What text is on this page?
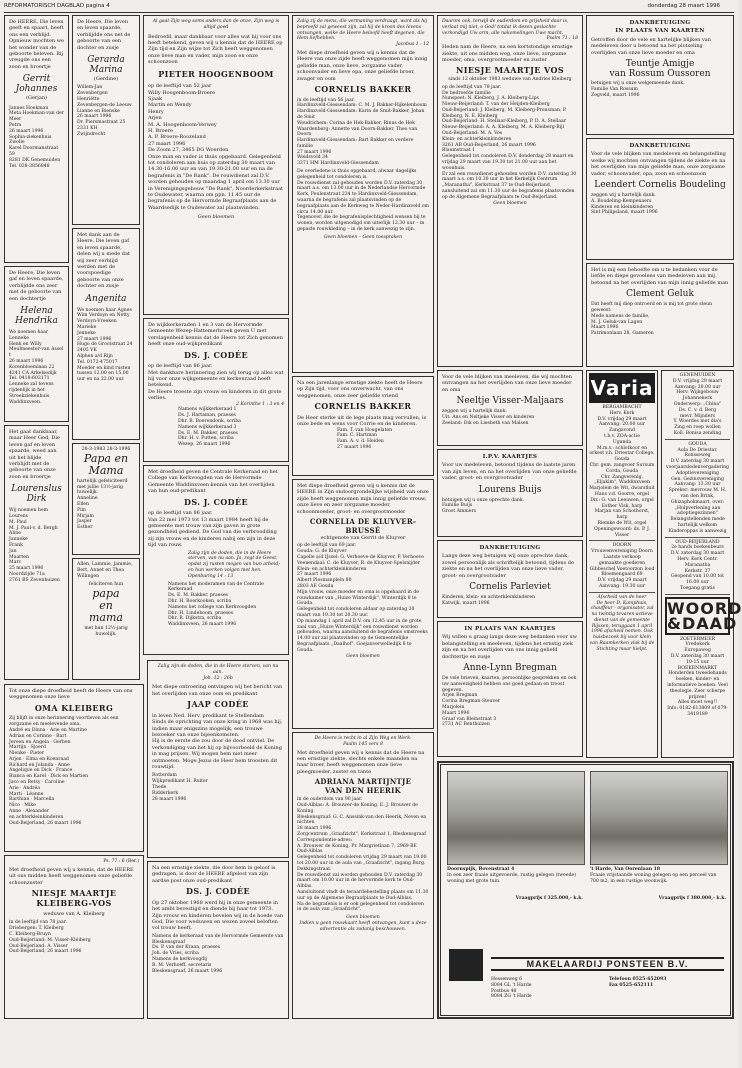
REFORMATORISCH DAGBLAD pagina 4	donderdag 28 maart 1996
De HEERE, Die leven geeft en spaart, heeft ons een verblijd. Opnieuw mochten we het wonder van de geboorte beleven. Bij vreugde ons een zoon en broertje
Gerrit Johannes
(Gerjan)
Jannes Hoekman
Meta Hoekman-van der Meer
Petra
26 maart 1996
Sophia-ziekenhuis Zwolle
Karel Doormanstraat 59
8281 DK Genemuiden
Tel. 038-3856848
De Heere, Die leven gaf en leven spaarde, verblijdde ons zeer met de geboorte van een dochtertje
Helena Hendrika
We noemen haar Lenneke
Henk en Willy
Meulmeester-van Assel
t
26 maart 1996
Korenbloemlaan 22
4241 CA Arkelsedijk
Tel. 0418-603171
Lenneke zal tevens rijdenlijk in het Streekziekenhuis Waddinxveen.
Het gaat dankbaar, maar Heer God, Die leven gaf en leven spaarde, weed aan uit het blijde verblijdt met de geboorte van onze zoon en broertje
Lourenslus Dirk
Wij noemen hem Lourens
M. Paul
M. J. Paul-v. d. Bergh
Aline
Janneke
Frank
Jan
Maarten
Marc
25 maart 1996
Noordzijde 71a
2761 BS Zevenhuizen
De Heere, Die leven en leven spaarde, verblijdde ons net de geboorte van een dochter en zusje
Gerarda Marina
(Gerdine)
Willem-Jan
Zevenbergen
Henriëtte
Zevenbergen-de Leeuw
Lianne en Bienske
26 maart 1996
Dr. Piersmastraat 25
2331 KH
Zwijndrecht
Met dank aan de Heere, Die leven gaf en leven spaarde, delen wij u mede dat wij zeer verblijd werden met de voorspoedige geboorte van onze dochter en zusje
Angenita
We noemen haar Agnes
Wim Verdoyn en Netty Verdoyn-Vreeken
Marieke
Jenneke
27 maart 1996
Hugo de Grootstraat 24
2405 VK
Alphen a/d Rijn
Tel. 0172-475017
Moeder en kind rusten tussen 12.00 en 15.00 uur en na 22.00 uur.
28-3-1983 28-3-1996
Papa en
Mama
hartelijk gefeliciteerd met jullie 13½-jarig huwelijk.
Anneline
Ellen
Pim
Mirjam
Jasper
Esther
Allen, Lammie, Jammie, Bert, Annet en Thea Willingen
feliciteren hun
papa
en
mama
met hun 12½-jarig huwelijk.
Al gaat Zijn weg soms anders dan de onze, Zijn weg is altijd goed
Bedroefd, maar dankbaar voor alles wat hij voor ons heeft betekend, geven wij u kennis dat de HEERE op Zijn tijd en Zijn wijze tot Zich heeft weggenomen onze lieve man en vader, mijn zoon en onze schoonzoon
PIETER HOOGENBOOM
op de leeftijd van 52 jaar
Willy Hoogenboom-Broere
Sjaak
Martin en Wendy
Henry
Arjen
M. A. Hoogenboom-Verwey
H. Broere
A. P. Broere-Roozeland
27 maart 1996
De Zoom 27, 3465 DG Woerden
Onze man en vader is thuis opgebaard. Gelegenheid tot condoleren aan huis op zaterdag 30 maart van 14.30-16.00 uur en van 19.30-21.00 uur en na de begrafenis in "De Rank". De rouwdienst zal D.V. worden gehouden op maandag 1 april om 13.30 uur in Verenigingsgebouw "De Rank", Noorderkerkstraat te Oudewater, waarna om ppn. 11.45 uur de begrafenis op de Hervormde Begraafplaats aan de Waardsedijk te Oudewater zal plaatsvinden.
Geen bloemen
De wijkkerkeraden 1 en 3 van de Hervormde Gemeente Wezep-Hattemerbroek geven U met verslagenheid kennis dat de Heere tot Zich genomen heeft onze oud-wijkpredikant
DS. J. CODÉE
op de leeftijd van 86 jaar.
Met dankbare herinnering zien wij terug op alles wat hij voor onze wijkgemeente en kerkenraad heeft betekend.
De Heere troeste zijn vrouw en kinderen in dit grote verlies.
2 Korinthe 1 : 3 en 4
Namens wijkkerkeraad 1
Ds. J. Hartaman, praeses
Dhr. B. Boerendonk, scriba
Namens wijkkerkeraad 3
Ds. E. M. Bakker, praeses
Dhr. H. v. Putten, scriba
Wezep, 26 maart 1996
Met droefheid geven de Centrale Kerkeraad en het College van Kerkvoogden van de Hervormde Gemeente Waddinxveen kennis van het overlijden van hun oud-predikant
DS. J. CODÉE
op de leeftijd van 86 jaar.
Van 22 mei 1973 tot 13 maart 1984 heeft hij de gemeente met trouw van zijn gaven in grote gezondheid gediend. De God van die verbroodding zij zijn vrouw en de kinderen nabij om zijn in deze tijd van rouw.
Zalig zijn de doden, die in de Heere sterven, van nu aan. Ja, zegt de Geest, opdat zij rusten mogen van hun arbeid; en hun werken volgen met hen.
Openbaring 14 : 13
Namens het moderamen van de Centrale Kerkeraad
Ds. E. M. Bakker, praeses
Dhr. H. Boerkooken, scriba
Namens het college van Kerkvoogden
Dhr. H. Lindeboom, praeses
Dhr. R. Dijkstra, scriba
Waddinxveen, 26 maart 1996
Tot onze diepe droefheid heeft de Heere van ons weggenomen onze lieve
OMA KLEIBERG
Zij blijft in onze herinnering voortleven als een zorgzame en meelevende oma.
André en Dinna · Arie en Martine
Adrian en Corinne · Bart
Jeroen en Angela · Gerben
Martijn · Sjoerd
Nienke · Pieter
Arjen · Elma en Koenraad
Richard en Jolanda · Anne
Angelique en Dick · France
Bianca en Karel · Dick en Martien
Jaco en Betsy · Caroline
Arie · Andréa
Marti · Léanne
Barthian · Marcella
Nico · Mike
Anne · Alexander
en achterkleinkinderen
Oud-Beijerland, 26 maart 1996
Ps. 77 : 6 (Ber.)
Met droefheid geven wij u kennis, dat de HEERE uit ons midden heeft weggenomen onze geliefde schoonzuster
NIESJE MAARTJE KLEIBERG-VOS
weduwe van A. Kleiberg
in de leeftijd van 78 jaar.
Driebergen: T. Kleiberg
C. Kleiberg-Bruyn
Oud-Beijerland: M. Visser-Kleiberg
Oud-Beijerland: A. Visser
Oud-Beijerland, 26 maart 1996
Zalig zijn de doden, die in de Heere sterven, van nu aan.
Joh. 12 : 26b
Met diepe ontroering ontvingen wij het bericht van het overlijden van onze oom en predikant
JAAP CODÉE
in leven Ned. Herv. predikant te Stellendam
Sinds de oprichting van onze kring in 1968 was hij, indien maar enigszins mogelijk, een trouwe bezoeker van onze bijeenkomsten.
Hij is de eerste die zou door de dood ontviel. De verkondiging van het hij op bijvoorbeeld de Koning in mag prijsen. Wij mogen hem niet meer ontmoeten. Moge Jezus de Heer hem troosten dit rouwtijd.
Rotterdam
Wijkpredikant H. Ruiter
Thede
Ridderkerk
28 maart 1996
Na een ernstige ziekte, die door hem in geloof is gedragen, is door de HEERE afgelost van zijn aardse post onze oud-predikant
DS. J. CODÉE
Op 27 oktober 1968 werd hij in onze gemeente in het ambt bevestigd en diende hij haar tot 1973.
Zijn vrouw en kinderen bevelen wij in de hoede van God, Die voor weduwen en wezen zoveel beloften vol trouw heeft.
Namens de kerkeraad van de Hervormde Gemeente van Bleskensgraaf
Ds. P. van der Kraan, praeses
Joh. de Vries, scriba
Namens de kerkvoogdij
B. M. Verhoeff, secretaris
Bleskensgraaf, 26 maart 1996
Zalig zij de mens, die vermaning verdraagt, want als hij beproefd zal geweest zijn, zal hij de kroon des levens ontvangen, welke de Heere beloofd heeft degenen, die Hem liefhebben.
Jacobus 1 : 12
Met diepe droefheid geven wij u kennis dat de Heere van onze zijde heeft weggenomen mijn innig geliefde man, onze lieve, zorgzame vader, schoonvader en lieve opa, onze geliefde broer, zwager en oom
CORNELIS BAKKER
in de leeftijd van 56 jaar.
Hardinxveld-Giessendam: C. M. J. Bakker-Rijkelenboom
Hardinxveld-Giessendam: Karin de Smit-Bakker, Johan de Smit
Woudrichem: Corina de Hek-Bakker, Rinus de Hek
Waardenberg: Annette van Doorn-Bakker, Theo van Doorn
Hardinxveld-Giessendam: Bart Bakker en verdere familie
27 maart 1996
Weidsvold 34
3371 HM Hardinxveld-Giessendam
De overledene is thuis opgebaard, alwaar dagelijks gelegenheid tot condoleren is.
De rouwdienst zal gehouden worden D.V. zaterdag 30 maart a.s. om 13.00 uur in de Nederlandse Hervormde Kerk, Peulenstraat 234 te Hardinxveld-Giessendam, waarna de begrafenis zal plaatsvinden op de begraafplaats aan de Kerkweg te Neder-Hardinxveld om circa 14.00 uur.
Tegenover, die de begrafenisplechtigheid wensen bij te wonen, worden uitgenodigd om uiterlijk 12.30 uur – in gepaste rouwkleding – in de kerk aanwezig te zijn.
Geen bloemen – Geen toespraken
Na een jarenlange ernstige ziekte heeft de Heere op Zijn tijd, voor ons onverwacht, van ons weggenomen, onze zeer geliefde vriend
CORNELIS BAKKER
De Heer sterke uit de lege plaats mag vervullen, is onze bede en wens voor Corrie en de kinderen.
Fam. T. van Hougelaten
Fam. C. Hartman
Fam. A. v. d. Heiden
27 maart 1996
Met diepe droefheid geven wij u kennis dat de HEERE in Zijn ondoorgrondelijke wijsheid van onze zijde heeft weggenomen mijn innig geliefde vrouw, onze lieve en zeer zorgzame moeder, schoonmoeder, groot- en overgrootmoeder
CORNELIA DE KLUYVER-
BRUSSÉ
echtgenote van Gerrit de Kluyver
op de leeftijd van 69 jaar.
Gouda: G. de Kluyver
Capelle a/d IJssel: G. Verhoeve-de Kluyver, P. Verhoeve
Veenendaal: C. de Kluyver, B. de Kluyver-Spelsnijder
Klein- en achterkleinkinderen
27 maart 1996
Albert Plesmanplein 80
2803 AE Gouda
Mijn vrouw, onze moeder en oma is opgebaard in de rouwkamer van „Huize Winterdijk", Winterdijk 8 te Gouda.
Gelegenheid tot condoleren aldaar op zaterdag 30 maart van 19.30 tot 20.30 uur.
Op maandag 1 april zal D.V. om 12.45 uur in de grote zaal van „Huize Winterdijk" een rouwdienst worden gehouden, waarna aansluitend de begrafenis omstreeks 14.00 uur zal plaatsvinden op de Gemeentelijke Begraafplaats „Daalhof", Goejanverwelledijk 8 te Gouda.
Geen bloemen
De Heere is recht in al Zijn Weg en Werk.
Psalm 145 vers 8
Met droefheid geven wij u kennis dat de Heere na een ernstige ziekte, slechts enkele maanden na haar broer, heeft weggenomen onze lieve pleegmoeder, zuster en tante
ADRIANA MARTIJNTJE
VAN DEN HEERIK
in de ouderdom van 90 jaar.
Oud-Alblas: A. Brouwer-de Koning, E. J. Brouwer de Koning
Bleskensgraaf: G. C. Anssink-van den Heerik, Neven en nichten
28 maart 1996
Zorgcentrum „Graafzicht", Kerkstraat 1, Bleskensgraaf
Correspondentie-adres:
A. Brouwer de Koning, Pr. Margrietlaan 7, 2969 BE Oud-Alblas
Gelegenheid tot condoleren vrijdag 29 maart van 19.00 tot 20.00 uur in de aula van „Graafzicht", ingang Burg. Dekkingstraat.
De rouwdienst zal worden gehouden D.V. zaterdag 30 maart om 10.00 uur in de hervormde kerk te Oud-Alblas.
Aansluitend vindt de teraardebestelling plaats om 11.30 uur op de Algemene Begraafplaats te Oud-Alblas.
Na de begrafenis is er ook gelegenheid tot condoleren in de aula van „Graafzicht".
Geen bloemen
Indien u geen rouwkaart heeft ontvangen, kunt u deze advertentie als zodanig beschouwen.
Daarom ook, terwijl de ouderdom en grijsheid daar is, verlaat mij niet, o God! totdat ik dezen geslachte verkondigd Uw arm, alle nakomelingen Uwe macht.
Psalm 71 : 18
Heden nam de Heere, na een kortstondige ernstige ziekte, uit ons midden weg, onze lieve, zorgzame moeder, oma, overgrootmoeder en zuster
NIESJE MAARTJE VOS
sinds 12 oktober 1983 weduwe van Andries Kleiberg
op de leeftijd van 78 jaar.
De bedroefde familie
Nunspeet: N. Kleiberg, J. A. Kleiberg-Lips
Nieuw-Beijerland: T. van der Heijden-Kleiberg
Oud-Beijerland: J. Kleiberg, M. Kleiberg-Pronsman, P. Kleiberg, N. E. Kleiberg
Oud-Beijerland: H. Stellaar-Kleiberg, P. D. A. Stellaar
Nieuw-Beijerland: A. A. Kleiberg, M. A. Kleiberg-Bijl
Oud-Beijerland: M. A. Vos
Klein- en achterkleinkinderen
3261 AB Oud-Beijerland, 26 maart 1996
Blaumstraat 1
Gelegenheid tot condoleren D.V. donderdag 28 maart en vrijdag 29 maart van 19.30 tot 21.00 uur aan het woonhuis.
Er zal een rouwdienst gehouden worden D.V. zaterdag 30 maart a.s. om 10.30 uur in het Kerkelijk Centrum „Maranatha", Kerkstraat 37 te Oud-Beijerland, aansluitend zal om 11.30 uur de begrafenis plaatsvinden op de Algemene Begraafplaats te Oud-Beijerland.
Geen bloemen
Voor de vele blijken van meeleven, die wij mochten ontvangen na het overlijden van onze lieve moeder en oma
Neeltje Visser-Maljaars
zeggen wij u hartelijk dank.
Uit: Ans en Neltjeke Visser en kinderen
Zeeland: Dik en Liesbeth van Malsen
I.P.V. KAARTJES
Voor uw medeleven, betoond tijdens de laatste jaren van zijn leven, en na het overlijden van onze geliefde vader, groot- en overgrootvader
Lourens Buijs
betuigen wij u onze oprechte dank.
Familie Buijs
Groot Ammers
DANKBETUIGING
Langs deze weg betuigen wij onze oprechte dank, zowel persoonlijk als schriftelijk betoond, tijdens de ziekte en na het overlijden van onze lieve vader, groot- en overgrootvader
Cornelis Parleviet
Kinderen, klein- en achterkleinkinderen
Katwijk, maart 1996
IN PLAATS VAN KAARTJES
Wij willen u graag langs deze weg bedanken voor uw belangstelling en meeleven, tijdens het ernstig ziek zijn en na het overlijden van ons innig geliefd dochtertje en zusje
Anne-Lynn Bregman
De vele brieven, kaarten, persoonlijke gesprekken en ook uw aanwezigheid hebben ons goed gedaan en troost gegeven.
Arjen Bregman
Corina Bregman-Steuver
Marjolein
Maart 1996
Graaf van Bleinstraat 3
2731 AC Benthuizen
DANKBETUIGING
IN PLAATS VAN KAARTEN
Getroffen door de vele en hartelijke blijken van medeleven door u betoond na het plotseling overlijden van onze lieve moeder en oma
Teuntje Amigje
van Rossum Oussoren
betuigen wij u onze welgemeende dank.
Familie Van Rossum
Zegveld, maart 1996
DANKBETUIGING
Voor de vele blijken van medeleven en belangstelling welke wij mochten ontvangen tijdens de ziekte en na het overlijden van mijn geliefde man, onze zorgzame vader, schoonvader, opa, zoon en schoonzoon
Leendert Cornelis Boudeling
zeggen wij u hartelijk dank.
A. Boudeling-Kempenaers
Kinderen en kleinkinderen
Sint Philipsland, maart 1996
Het is mij een behoefte om u te bedanken voor de liefde en diepe gevoelens van medeleven aan mij betoond na het overlijden van mijn innig geliefde man
Clement Geluk
Dat heeft mij diep ontroerd en is mij tot grote steun geweest.
Mede namens de familie,
M. J. Geluk-van Lagen
Maart 1996
Patrimonlaan 28, Gameren
Varia
BERGAMBACHT
Herv. Kerk
D.V. vrijdag 29 maart
Aanvang: 20.00 uur
Zangavond
t.b.v. ZOA-actie
Uganda
M.m.v.: schlotkoor en orkest v.h. Driestar College, Gouda
Chr. gem. zangvoer Sursum Corda, Gouda
Chr. Zangverenlg. „Eljakim", Waddinxveen
Marjolein de Wit, dwarsfluit
Hans v.d. Goorre, orgel
Dir.: G. van Leeuwen, orgel
Esther Visk, harp
Marjan van Schothorst, harp
Riemke de Wit, orgel
Openingswoord: ds. P. J. Visser
DOORN
Vrouwenvereniging Doorn
Laatste verkoop
gemaakte goederen
Gibbeschel Voetoorzon lood
Bloemengaard 69
D.V. vrijdag 29 maart
Aanvang: 19.30 uur
Afscheid van de heer
De heer D. Kamphuis, chauffeur - organisator, zal na twintig tevaren-actieve dienst van de gemeente Rijssen, teruggaan 1 april 1996 afscheid nemen. Ook huisbezoek bij voor klein van Raamkerken vlak bij de Stichting maar hielpt.
GENEMUIDEN
D.V. vrijdag 29 maart
Aanvang: 20.00 uur
Herv. Wijkgebouw
Johannekerk
Onderwerp: „Chinа"
Ds. C. v. d. Berg
mevr. Mijnders
Y. Woerdes met dia's
Zing en roep wollen
Koll. Bonisa zending
GOUDA
Aula De Driestar, Ronsseweg
D.V. zaterdag 30 maart
voorjaarsledenvergadering
Adoptievereniging
Gen. Gezinsvereniging
Aanvang: 13.30 uur
Spreker: mevrouw M. H. van den Brink, Ghizaphokmaart, over: „Hulpverlening aan adoptiegezinnen"
Belangstellenden mede hartelijk welkom
Kinderoppas is aanwezig
OUD-BEIJERLAND
2e hands boekenbeurs
D.V. zaterdag 30 maart
Herv. Kerk Centr. Maranatha
Kerkstr. 37
Geopend van 10.00 tot 16.00 uur
Toegang gratis
WOORD
&DAAD
ZOETERMEER
Vredekerk
Europaweg
D.V. zaterdag 30 maart
10-15 uur
BOEKENMARKT
Honderden tweedehands boeken, kinder- en informatieve boeken. Veel theologie. Zeer scherpe prijzen!
Alles moet weg!!
Info: 0182-613809 of 079-3419189
Doornspijk, Bovenstraat 4
In een zeer fraaie uitgevoerde, rustig gelegen (tweede) woning met grote tuin.
Vraagprijs f 325.000,- k.k.
't Harde, Van Oorenlaan 18
Fraaie vrijstaande woning gelegen op een perceel van 700 m2, in een rustige woonwijk.
Vraagprijs f 380.000,- k.k.
MAKELAARDIJ PONSTEEN B.V.
Hessenweg 6
8084 GL 't Harde
Postbus 48
8084 ZG 't Harde
Telefoon 0525-652093
Fax 0525-652111
